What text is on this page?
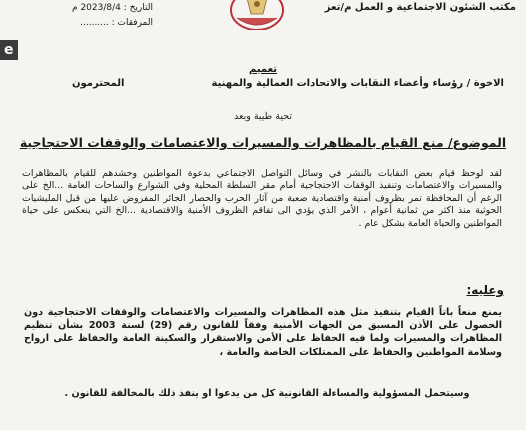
مكتب الشئون الاجتماعية و العمل م/تعز
التاريخ : 2023/8/4 م
المرفقات : ..........
e
تعميم
الاخوة / رؤساء وأعضاء النقابات والاتحادات العمالية والمهنية
المحترمون
تحية طيبة وبعد
الموضوع/ منع القيام بالمظاهرات والمسيرات والاعتصامات والوقفات الاحتجاجية

لقد لوحظ قيام بعض النقابات بالنشر في وسائل التواصل الاجتماعي بدعوة المواطنين وحشدهم للقيام بالمظاهرات والمسيرات والاعتصامات وتنفيذ الوقفات الاحتجاجية أمام مقر السلطة المحلية وفي الشوارع والساحات العامة ...الخ على الرغم أن المحافظة تمر بظروف أمنية واقتصادية صعبة من آثار الحرب والحصار الجائر المفروض عليها من قبل المليشيات الحوثية منذ اكثر من ثمانية أعوام ، الأمر الذي يؤدي الى تفاقم الظروف الأمنية والاقتصادية ...الخ التي ينعكس على حياة المواطنين والحياة العامة بشكل عام .

وعليه:

يمنع منعاً باتاً القيام بتنفيذ مثل هذه المظاهرات والمسيرات والاعتصامات والوقفات الاحتجاجية دون الحصول على الأذن المسبق من الجهات الأمنية وفقاً للقانون رقم (29) لسنة 2003 بشأن تنظيم المظاهرات والمسيرات ولما فيه الحفاظ على الأمن والاستقرار والسكينة العامة والحفاظ على ارواح وسلامة المواطنين والحفاظ على الممتلكات الخاصة والعامة ،

وسيتحمل المسؤولية والمساءلة القانونية كل من يدعوا او ينفذ ذلك بالمخالفة للقانون .
